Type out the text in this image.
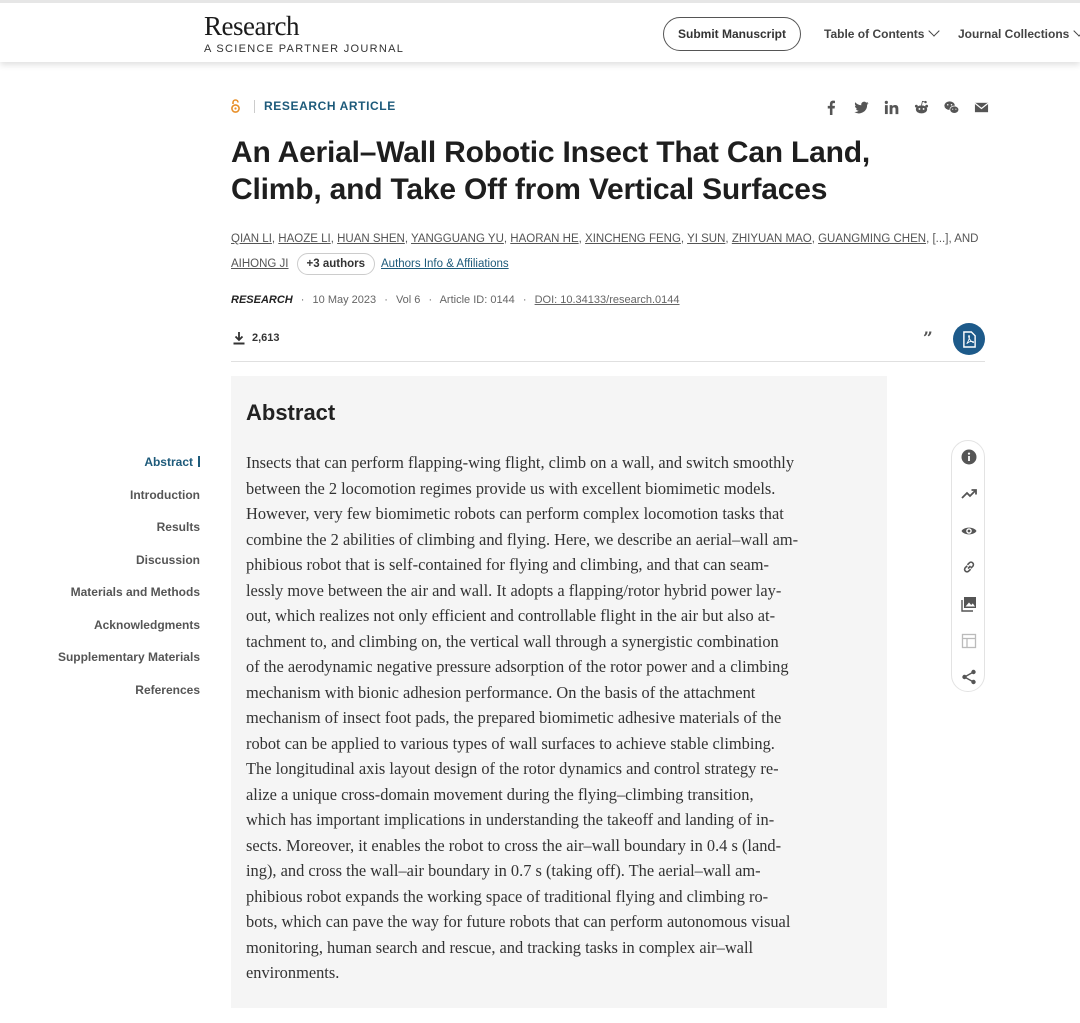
Research
A SCIENCE PARTNER JOURNAL
Submit Manuscript	Table of Contents	Journal Collections
RESEARCH ARTICLE
An Aerial–Wall Robotic Insect That Can Land, Climb, and Take Off from Vertical Surfaces
QIAN LI, HAOZE LI, HUAN SHEN, YANGGUANG YU, HAORAN HE, XINCHENG FENG, YI SUN, ZHIYUAN MAO, GUANGMING CHEN, [...], AND
AIHONG JI +3 authors Authors Info & Affiliations
RESEARCH · 10 May 2023 · Vol 6 · Article ID: 0144 · DOI: 10.34133/research.0144
2,613	”
Abstract
Introduction
Results
Discussion
Materials and Methods
Acknowledgments
Supplementary Materials
References
Abstract
Insects that can perform flapping-wing flight, climb on a wall, and switch smoothly
between the 2 locomotion regimes provide us with excellent biomimetic models.
However, very few biomimetic robots can perform complex locomotion tasks that
combine the 2 abilities of climbing and flying. Here, we describe an aerial–wall am-
phibious robot that is self-contained for flying and climbing, and that can seam-
lessly move between the air and wall. It adopts a flapping/rotor hybrid power lay-
out, which realizes not only efficient and controllable flight in the air but also at-
tachment to, and climbing on, the vertical wall through a synergistic combination
of the aerodynamic negative pressure adsorption of the rotor power and a climbing
mechanism with bionic adhesion performance. On the basis of the attachment
mechanism of insect foot pads, the prepared biomimetic adhesive materials of the
robot can be applied to various types of wall surfaces to achieve stable climbing.
The longitudinal axis layout design of the rotor dynamics and control strategy re-
alize a unique cross-domain movement during the flying–climbing transition,
which has important implications in understanding the takeoff and landing of in-
sects. Moreover, it enables the robot to cross the air–wall boundary in 0.4 s (land-
ing), and cross the wall–air boundary in 0.7 s (taking off). The aerial–wall am-
phibious robot expands the working space of traditional flying and climbing ro-
bots, which can pave the way for future robots that can perform autonomous visual
monitoring, human search and rescue, and tracking tasks in complex air–wall
environments.
